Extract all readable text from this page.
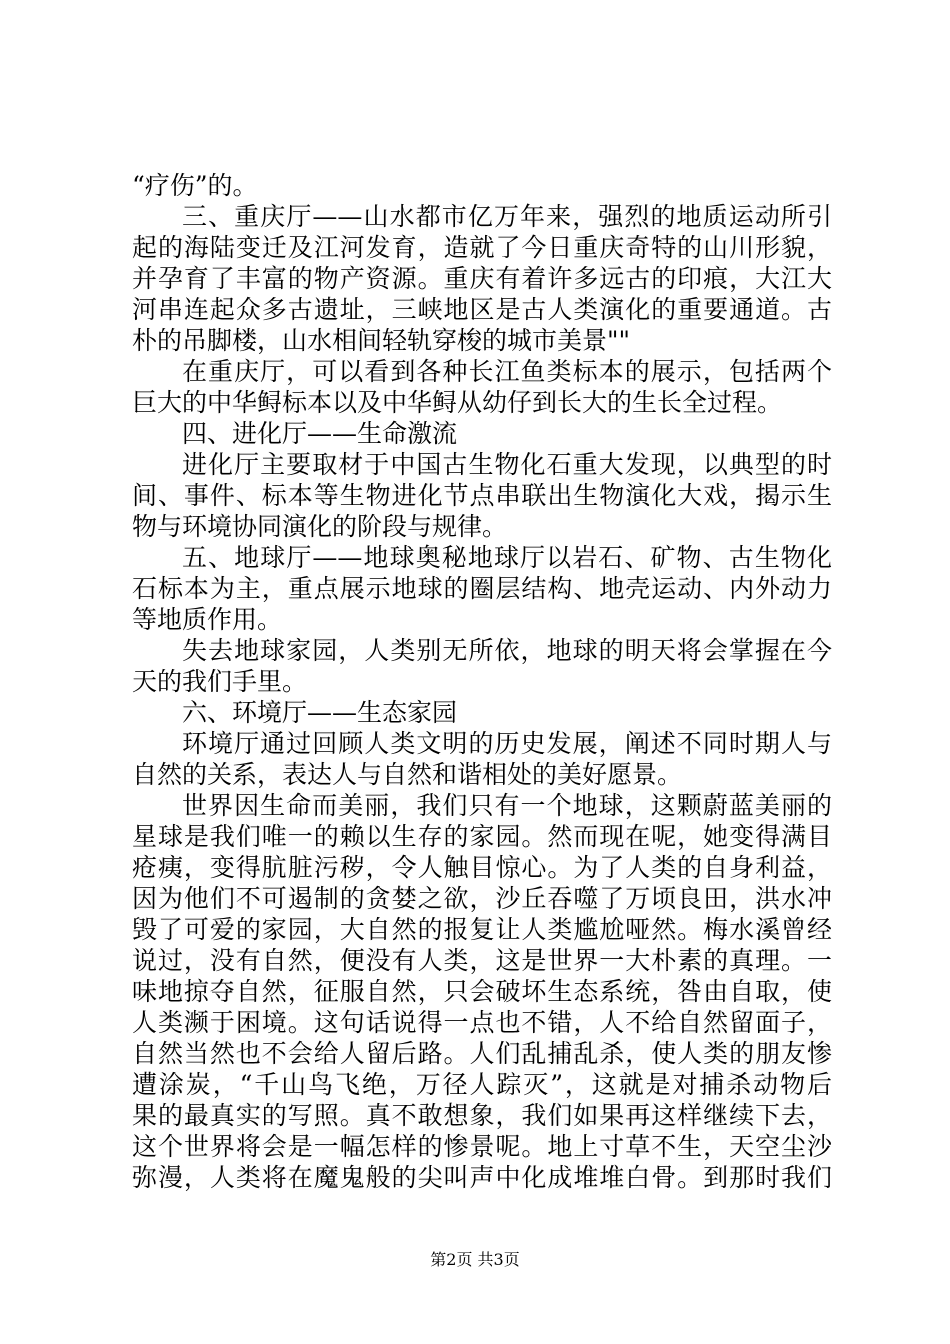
“疗伤”的。
三、重庆厅——山水都市亿万年来，强烈的地质运动所引
起的海陆变迁及江河发育，造就了今日重庆奇特的山川形貌，
并孕育了丰富的物产资源。重庆有着许多远古的印痕，大江大
河串连起众多古遗址，三峡地区是古人类演化的重要通道。古
朴的吊脚楼，山水相间轻轨穿梭的城市美景""
在重庆厅，可以看到各种长江鱼类标本的展示，包括两个
巨大的中华鲟标本以及中华鲟从幼仔到长大的生长全过程。
四、进化厅——生命激流
进化厅主要取材于中国古生物化石重大发现，以典型的时
间、事件、标本等生物进化节点串联出生物演化大戏，揭示生
物与环境协同演化的阶段与规律。
五、地球厅——地球奥秘地球厅以岩石、矿物、古生物化
石标本为主，重点展示地球的圈层结构、地壳运动、内外动力
等地质作用。
失去地球家园，人类别无所依，地球的明天将会掌握在今
天的我们手里。
六、环境厅——生态家园
环境厅通过回顾人类文明的历史发展，阐述不同时期人与
自然的关系，表达人与自然和谐相处的美好愿景。
世界因生命而美丽，我们只有一个地球，这颗蔚蓝美丽的
星球是我们唯一的赖以生存的家园。然而现在呢，她变得满目
疮痍，变得肮脏污秽，令人触目惊心。为了人类的自身利益，
因为他们不可遏制的贪婪之欲，沙丘吞噬了万顷良田，洪水冲
毁了可爱的家园，大自然的报复让人类尴尬哑然。梅水溪曾经
说过，没有自然，便没有人类，这是世界一大朴素的真理。一
味地掠夺自然，征服自然，只会破坏生态系统，咎由自取，使
人类濒于困境。这句话说得一点也不错，人不给自然留面子，
自然当然也不会给人留后路。人们乱捕乱杀，使人类的朋友惨
遭涂炭，“千山鸟飞绝，万径人踪灭”，这就是对捕杀动物后
果的最真实的写照。真不敢想象，我们如果再这样继续下去，
这个世界将会是一幅怎样的惨景呢。地上寸草不生，天空尘沙
弥漫，人类将在魔鬼般的尖叫声中化成堆堆白骨。到那时我们
第2页 共3页
